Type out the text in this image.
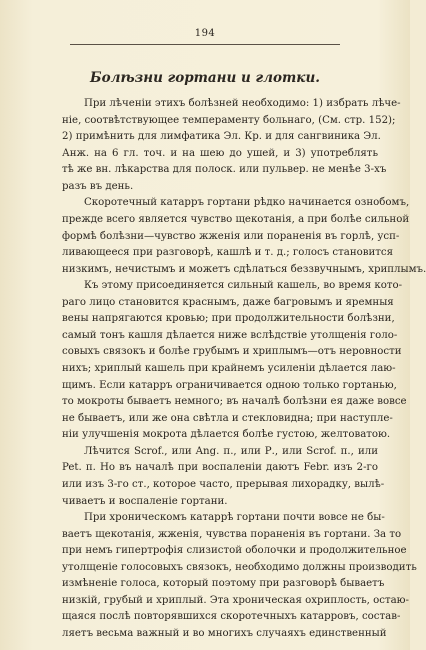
194
Болѣзни гортани и глотки.
При лѣченіи этихъ болѣзней необходимо: 1) избрать лѣче-
ніе, соотвѣтствующее темпераменту больнаго, (См. стр. 152);
2) примѣнить для лимфатика Эл. Кр. и для сангвиника Эл.
Анж. на 6 гл. точ. и на шею до ушей, и 3) употреблять
тѣ же вн. лѣкарства для полоск. или пульвер. не менѣе 3-хъ
разъ въ день.
Скоротечный катарръ гортани рѣдко начинается ознобомъ,
прежде всего является чувство щекотанія, а при болѣе сильной
формѣ болѣзни—чувство жженія или пораненія въ горлѣ, усп-
ливающееся при разговорѣ, кашлѣ и т. д.; голосъ становится
низкимъ, нечистымъ и можетъ сдѣлаться беззвучнымъ, хриплымъ.
Къ этому присоединяется сильный кашель, во время кото-
раго лицо становится краснымъ, даже багровымъ и яремныя
вены напрягаются кровью; при продолжительности болѣзни,
самый тонъ кашля дѣлается ниже вслѣдствіе утолщенія голо-
совыхъ связокъ и болѣе грубымъ и хриплымъ—отъ неровности
нихъ; хриплый кашель при крайнемъ усиленіи дѣлается лаю-
щимъ. Если катарръ ограничивается одною только гортанью,
то мокроты бываетъ немного; въ началѣ болѣзни ея даже вовсе
не бываетъ, или же она свѣтла и стекловидна; при наступле-
ніи улучшенія мокрота дѣлается болѣе густою, желтоватою.
Лѣчится Scrof., или Ang. п., или Р., или Scrof. п., или
Pet. п. Но въ началѣ при воспаленіи даютъ Febr. изъ 2-го
или изъ 3-го ст., которое часто, прерывая лихорадку, вылѣ-
чиваетъ и воспаленіе гортани.
При хроническомъ катаррѣ гортани почти вовсе не бы-
ваетъ щекотанія, жженія, чувства пораненія въ гортани. За то
при немъ гипертрофія слизистой оболочки и продолжительное
утолщеніе голосовыхъ связокъ, необходимо должны производить
измѣненіе голоса, который поэтому при разговорѣ бываетъ
низкій, грубый и хриплый. Эта хроническая охриплость, остаю-
щаяся послѣ повторявшихся скоротечныхъ катарровъ, состав-
ляетъ весьма важный и во многихъ случаяхъ единственный
